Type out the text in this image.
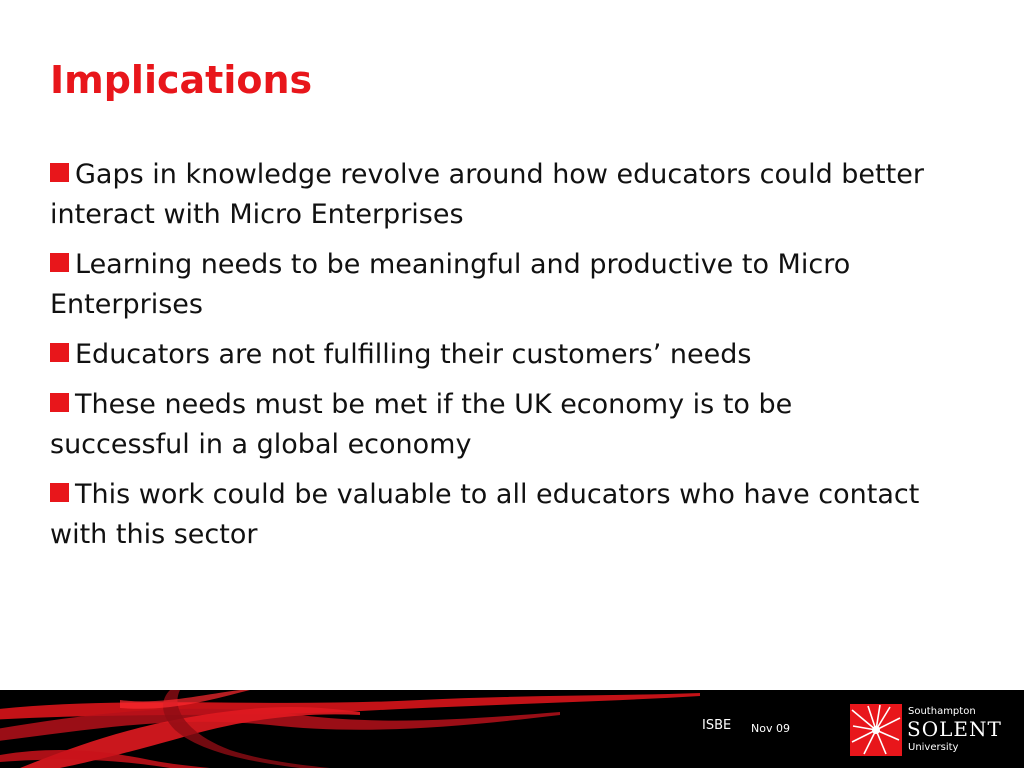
Implications
Gaps in knowledge revolve around how educators could better interact with Micro Enterprises
Learning needs to be meaningful and productive to Micro Enterprises
Educators are not fulfilling their customers’ needs
These needs must be met if the UK economy is to be successful in a global economy
This work could be valuable to all educators who have contact with this sector
ISBE Nov 09
Southampton
SOLENT
University
